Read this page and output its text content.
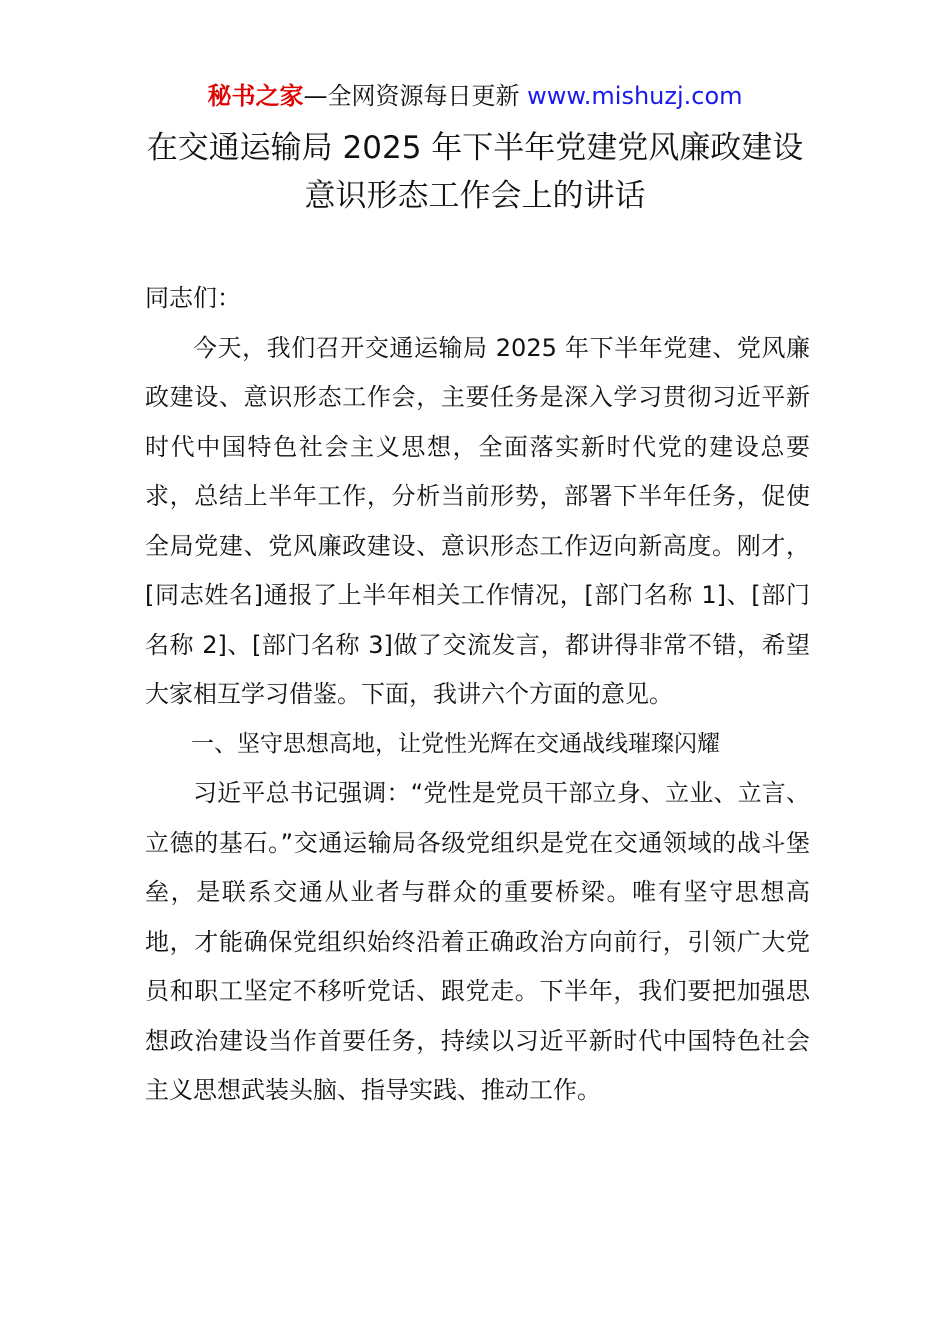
秘书之家—全网资源每日更新 www.mishuzj.com
在交通运输局 2025 年下半年党建党风廉政建设
意识形态工作会上的讲话

同志们：

今天，我们召开交通运输局 2025 年下半年党建、党风廉政建设、意识形态工作会，主要任务是深入学习贯彻习近平新时代中国特色社会主义思想，全面落实新时代党的建设总要求，总结上半年工作，分析当前形势，部署下半年任务，促使全局党建、党风廉政建设、意识形态工作迈向新高度。刚才，[同志姓名]通报了上半年相关工作情况，[部门名称 1]、[部门名称 2]、[部门名称 3]做了交流发言，都讲得非常不错，希望大家相互学习借鉴。下面，我讲六个方面的意见。

一、坚守思想高地，让党性光辉在交通战线璀璨闪耀

习近平总书记强调：“党性是党员干部立身、立业、立言、立德的基石。”交通运输局各级党组织是党在交通领域的战斗堡垒，是联系交通从业者与群众的重要桥梁。唯有坚守思想高地，才能确保党组织始终沿着正确政治方向前行，引领广大党员和职工坚定不移听党话、跟党走。下半年，我们要把加强思想政治建设当作首要任务，持续以习近平新时代中国特色社会主义思想武装头脑、指导实践、推动工作。
